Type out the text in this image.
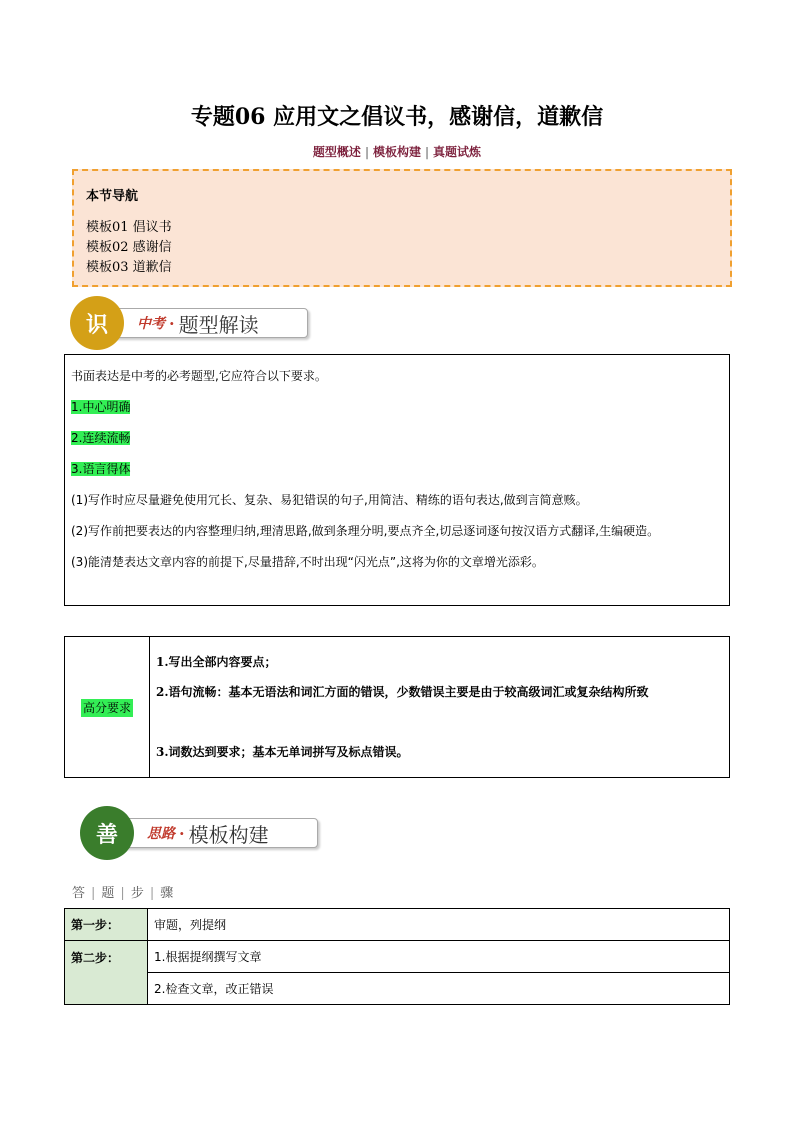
专题06 应用文之倡议书，感谢信，道歉信
题型概述 | 模板构建 | 真题试炼
本节导航
模板01 倡议书
模板02 感谢信
模板03 道歉信
中考 · 题型解读
识

书面表达是中考的必考题型,它应符合以下要求。

1.中心明确

2.连续流畅

3.语言得体

(1)写作时应尽量避免使用冗长、复杂、易犯错误的句子,用简洁、精练的语句表达,做到言简意赅。

(2)写作前把要表达的内容整理归纳,理清思路,做到条理分明,要点齐全,切忌逐词逐句按汉语方式翻译,生编硬造。

(3)能清楚表达文章内容的前提下,尽量措辞,不时出现“闪光点”,这将为你的文章增光添彩。

高分要求	

1.写出全部内容要点；

2.语句流畅：基本无语法和词汇方面的错误，少数错误主要是由于较高级词汇或复杂结构所致

3.词数达到要求；基本无单词拼写及标点错误。

思路 · 模板构建
善
答 | 题 | 步 | 骤
第一步：	审题，列提纲
第二步：	1.根据提纲撰写文章
	2.检查文章，改正错误
